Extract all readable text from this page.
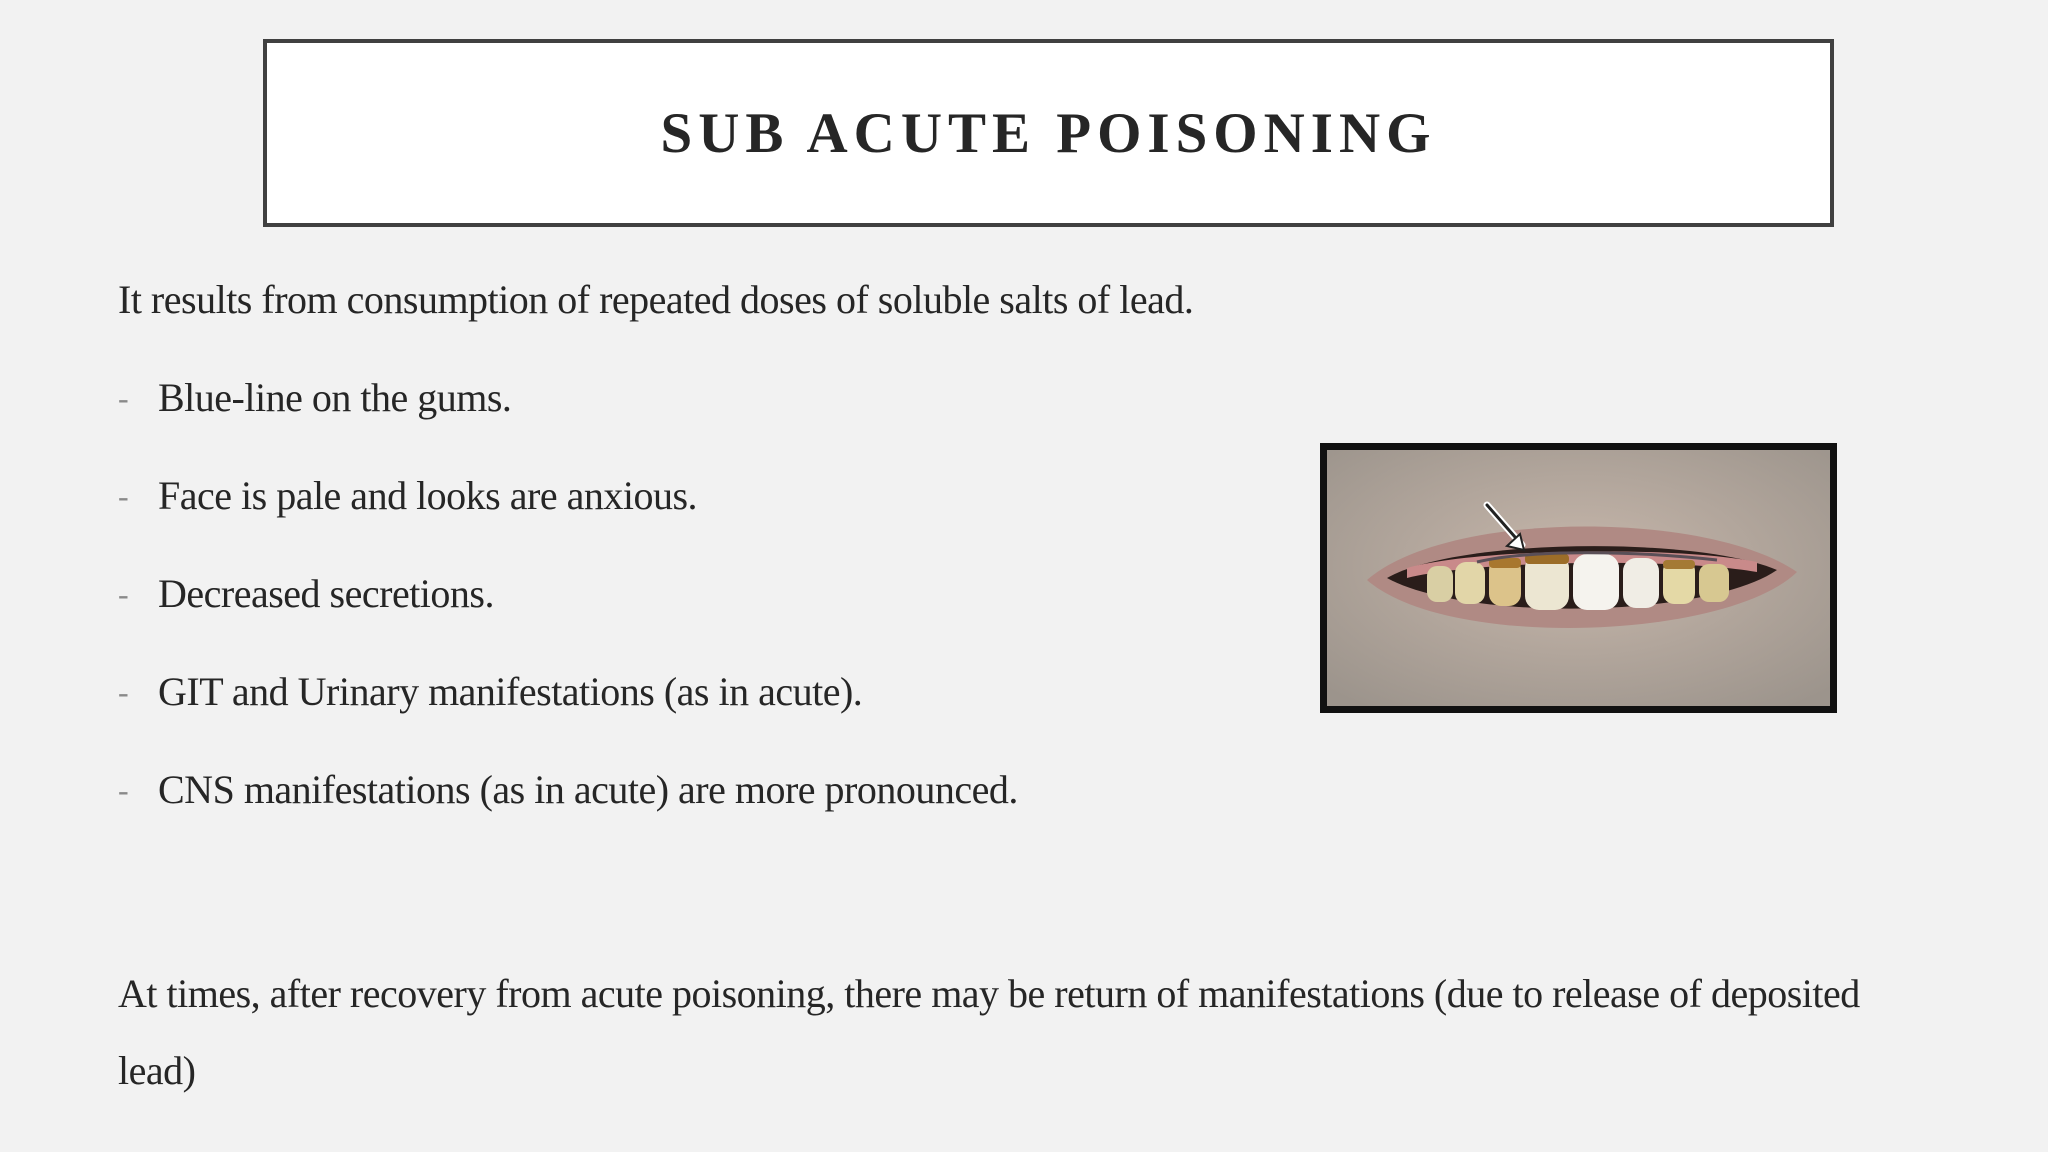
SUB ACUTE POISONING
It results from consumption of repeated doses of soluble salts of lead.
- Blue-line on the gums.
- Face is pale and looks are anxious.
- Decreased secretions.
- GIT and Urinary manifestations (as in acute).
- CNS manifestations (as in acute) are more pronounced.
At times, after recovery from acute poisoning, there may be return of manifestations (due to release of deposited lead)
